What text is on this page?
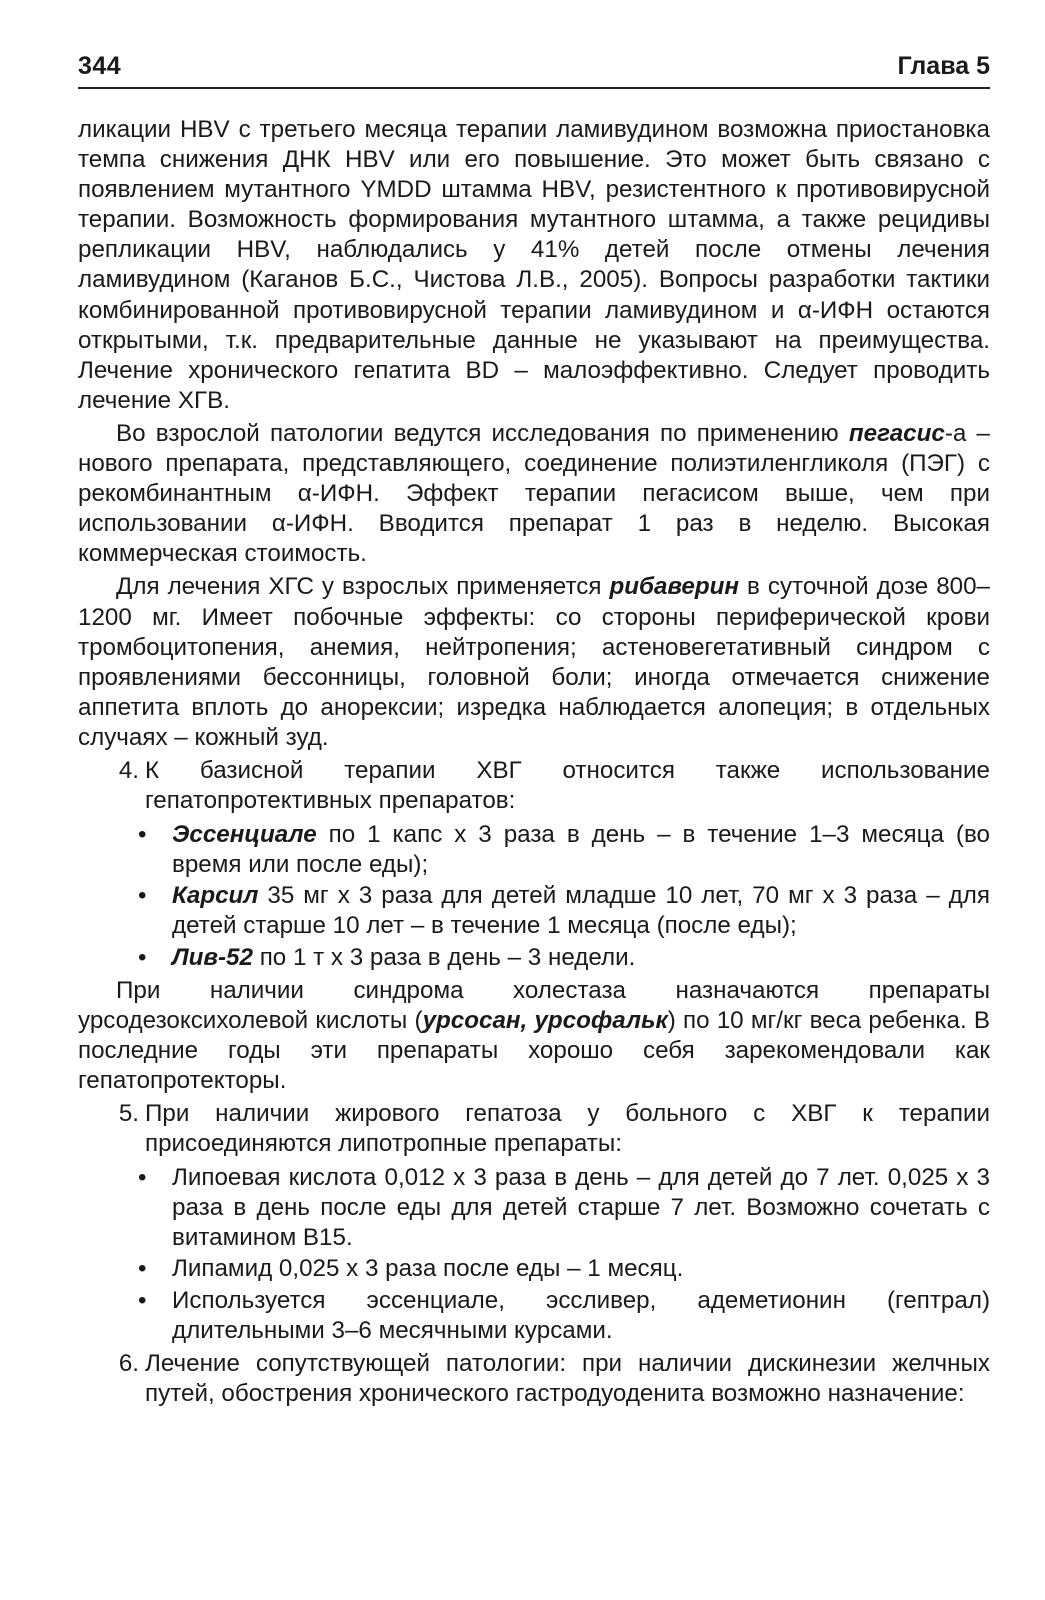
344	Глава 5

ликации HBV с третьего месяца терапии ламивудином возможна приостановка темпа снижения ДНК HBV или его повышение. Это может быть связано с появлением мутантного YMDD штамма HBV, резистентного к противовирусной терапии. Возможность формирования мутантного штамма, а также рецидивы репликации HBV, наблюдались у 41% детей после отмены лечения ламивудином (Каганов Б.С., Чистова Л.В., 2005). Вопросы разработки тактики комбинированной противовирусной терапии ламивудином и α-ИФН остаются открытыми, т.к. предварительные данные не указывают на преимущества. Лечение хронического гепатита BD – малоэффективно. Следует проводить лечение ХГВ.

Во взрослой патологии ведутся исследования по применению пегасис-а – нового препарата, представляющего, соединение полиэтиленгликоля (ПЭГ) с рекомбинантным α-ИФН. Эффект терапии пегасисом выше, чем при использовании α-ИФН. Вводится препарат 1 раз в неделю. Высокая коммерческая стоимость.

Для лечения ХГС у взрослых применяется рибаверин в суточной дозе 800–1200 мг. Имеет побочные эффекты: со стороны периферической крови тромбоцитопения, анемия, нейтропения; астеновегетативный синдром с проявлениями бессонницы, головной боли; иногда отмечается снижение аппетита вплоть до анорексии; изредка наблюдается алопеция; в отдельных случаях – кожный зуд.

4. К базисной терапии ХВГ относится также использование гепатопротективных препаратов:
•	Эссенциале по 1 капс х 3 раза в день – в течение 1–3 месяца (во время или после еды);
•	Карсил 35 мг х 3 раза для детей младше 10 лет, 70 мг х 3 раза – для детей старше 10 лет – в течение 1 месяца (после еды);
•	Лив-52 по 1 т х 3 раза в день – 3 недели.

При наличии синдрома холестаза назначаются препараты урсодезоксихолевой кислоты (урсосан, урсофальк) по 10 мг/кг веса ребенка. В последние годы эти препараты хорошо себя зарекомендовали как гепатопротекторы.

5. При наличии жирового гепатоза у больного с ХВГ к терапии присоединяются липотропные препараты:
•	Липоевая кислота 0,012 х 3 раза в день – для детей до 7 лет. 0,025 х 3 раза в день после еды для детей старше 7 лет. Возможно сочетать с витамином В15.
•	Липамид 0,025 х 3 раза после еды – 1 месяц.
•	Используется эссенциале, эссливер, адеметионин (гептрал) длительными 3–6 месячными курсами.
6. Лечение сопутствующей патологии: при наличии дискинезии желчных путей, обострения хронического гастродуоденита возможно назначение:
